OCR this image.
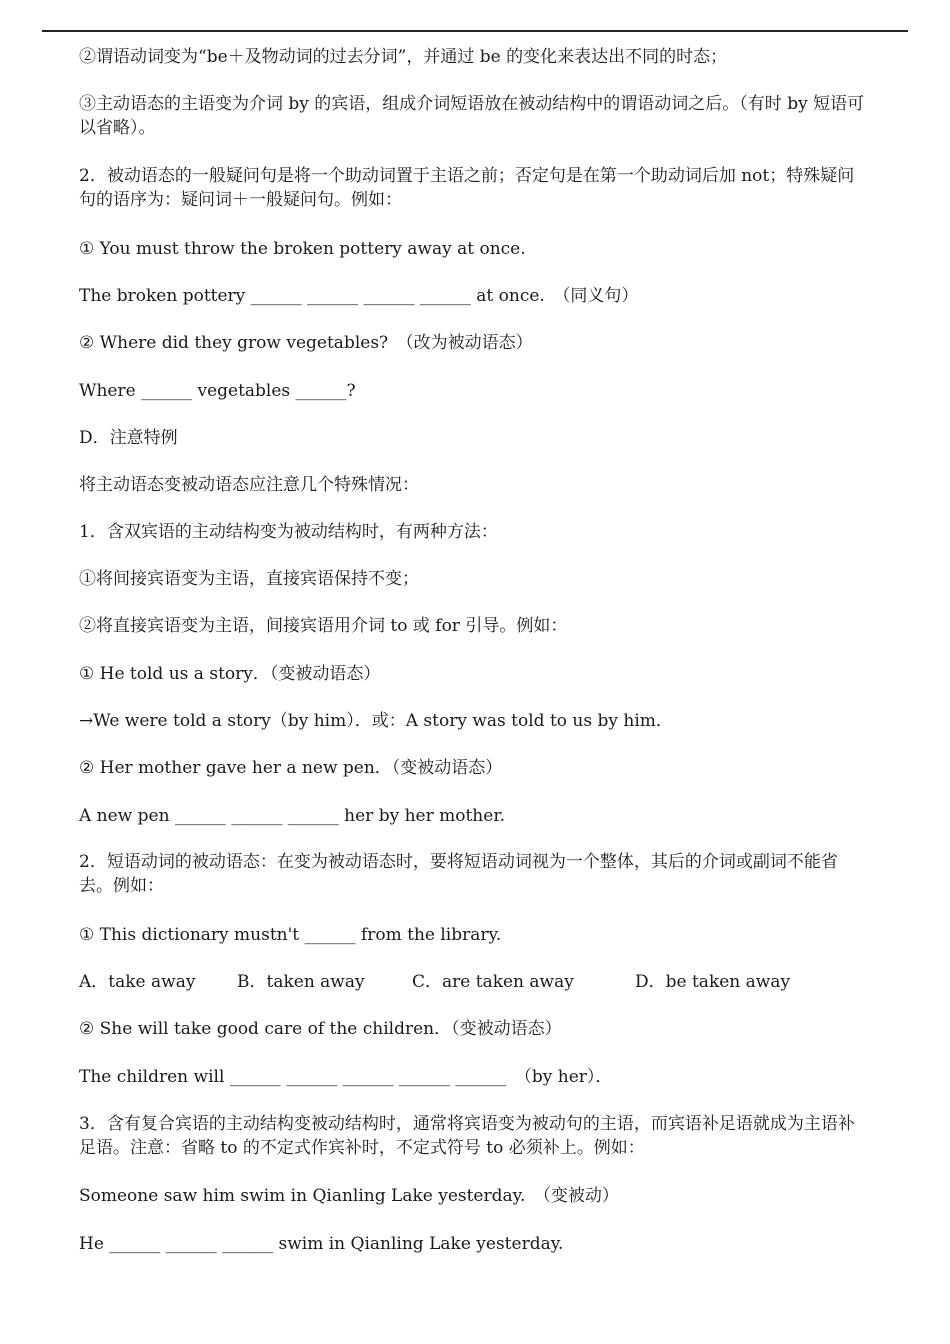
②谓语动词变为“be＋及物动词的过去分词”，并通过 be 的变化来表达出不同的时态；
③主动语态的主语变为介词 by 的宾语，组成介词短语放在被动结构中的谓语动词之后。（有时 by 短语可以省略）。
2．被动语态的一般疑问句是将一个助动词置于主语之前；否定句是在第一个助动词后加 not；特殊疑问句的语序为：疑问词＋一般疑问句。例如：
① You must throw the broken pottery away at once.
The broken pottery ______ ______ ______ ______ at once.　（同义句）
② Where did they grow vegetables?　（改为被动语态）
Where ______ vegetables ______?
D．注意特例
将主动语态变被动语态应注意几个特殊情况：
1．含双宾语的主动结构变为被动结构时，有两种方法：
①将间接宾语变为主语，直接宾语保持不变；
②将直接宾语变为主语，间接宾语用介词 to 或 for 引导。例如：
① He told us a story．（变被动语态）
→We were told a story（by him）．或：A story was told to us by him．
② Her mother gave her a new pen．（变被动语态）
A new pen ______ ______ ______ her by her mother.
2．短语动词的被动语态：在变为被动语态时，要将短语动词视为一个整体，其后的介词或副词不能省去。例如：
① This dictionary mustn't ______ from the library.
A．take away	B．taken away	C．are taken away	D．be taken away
② She will take good care of the children．（变被动语态）
The children will ______ ______ ______ ______ ______　（by her）．
3．含有复合宾语的主动结构变被动结构时，通常将宾语变为被动句的主语，而宾语补足语就成为主语补足语。注意：省略 to 的不定式作宾补时，不定式符号 to 必须补上。例如：
Someone saw him swim in Qianling Lake yesterday.　（变被动）
He ______ ______ ______ swim in Qianling Lake yesterday.
